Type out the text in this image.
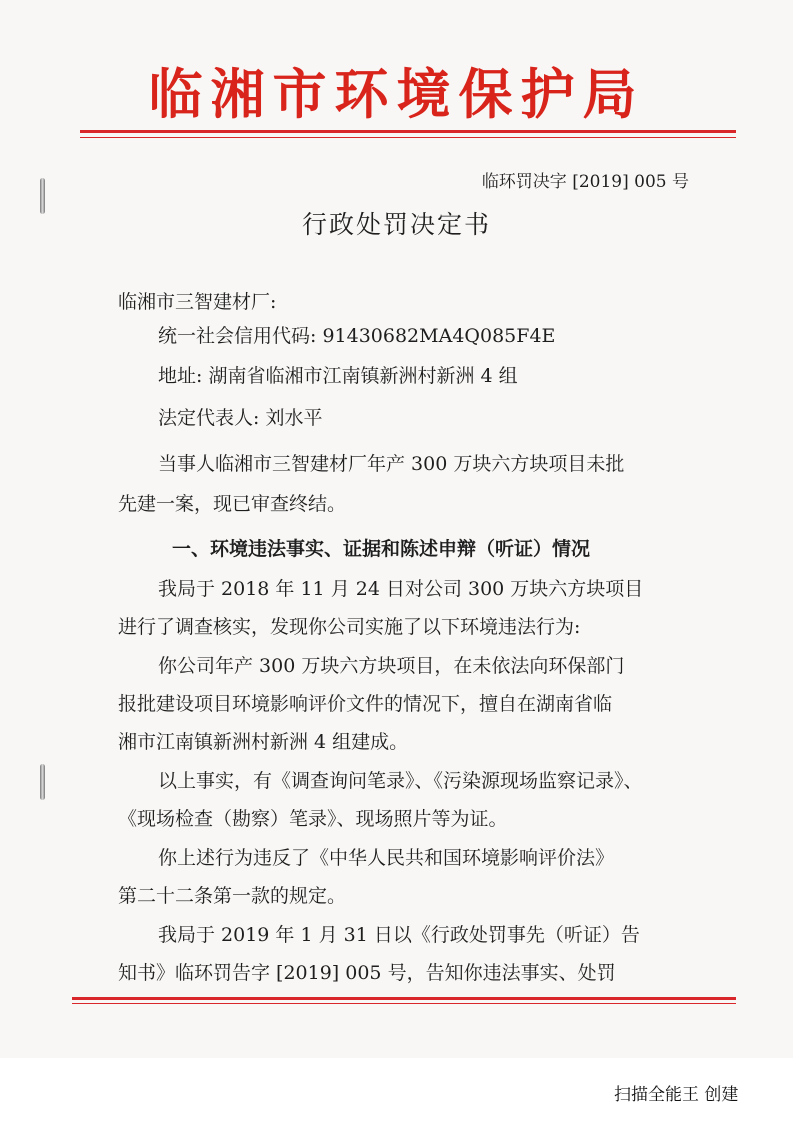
临湘市环境保护局
临环罚决字 [2019] 005 号
行政处罚决定书
临湘市三智建材厂:
统一社会信用代码: 91430682MA4Q085F4E
地址: 湖南省临湘市江南镇新洲村新洲 4 组
法定代表人: 刘水平
当事人临湘市三智建材厂年产 300 万块六方块项目未批
先建一案，现已审查终结。
一、环境违法事实、证据和陈述申辩（听证）情况
我局于 2018 年 11 月 24 日对公司 300 万块六方块项目
进行了调查核实，发现你公司实施了以下环境违法行为:
你公司年产 300 万块六方块项目，在未依法向环保部门
报批建设项目环境影响评价文件的情况下，擅自在湖南省临
湘市江南镇新洲村新洲 4 组建成。
以上事实，有《调查询问笔录》、《污染源现场监察记录》、
《现场检查（勘察）笔录》、现场照片等为证。
你上述行为违反了《中华人民共和国环境影响评价法》
第二十二条第一款的规定。
我局于 2019 年 1 月 31 日以《行政处罚事先（听证）告
知书》临环罚告字 [2019] 005 号，告知你违法事实、处罚
扫描全能王 创建
